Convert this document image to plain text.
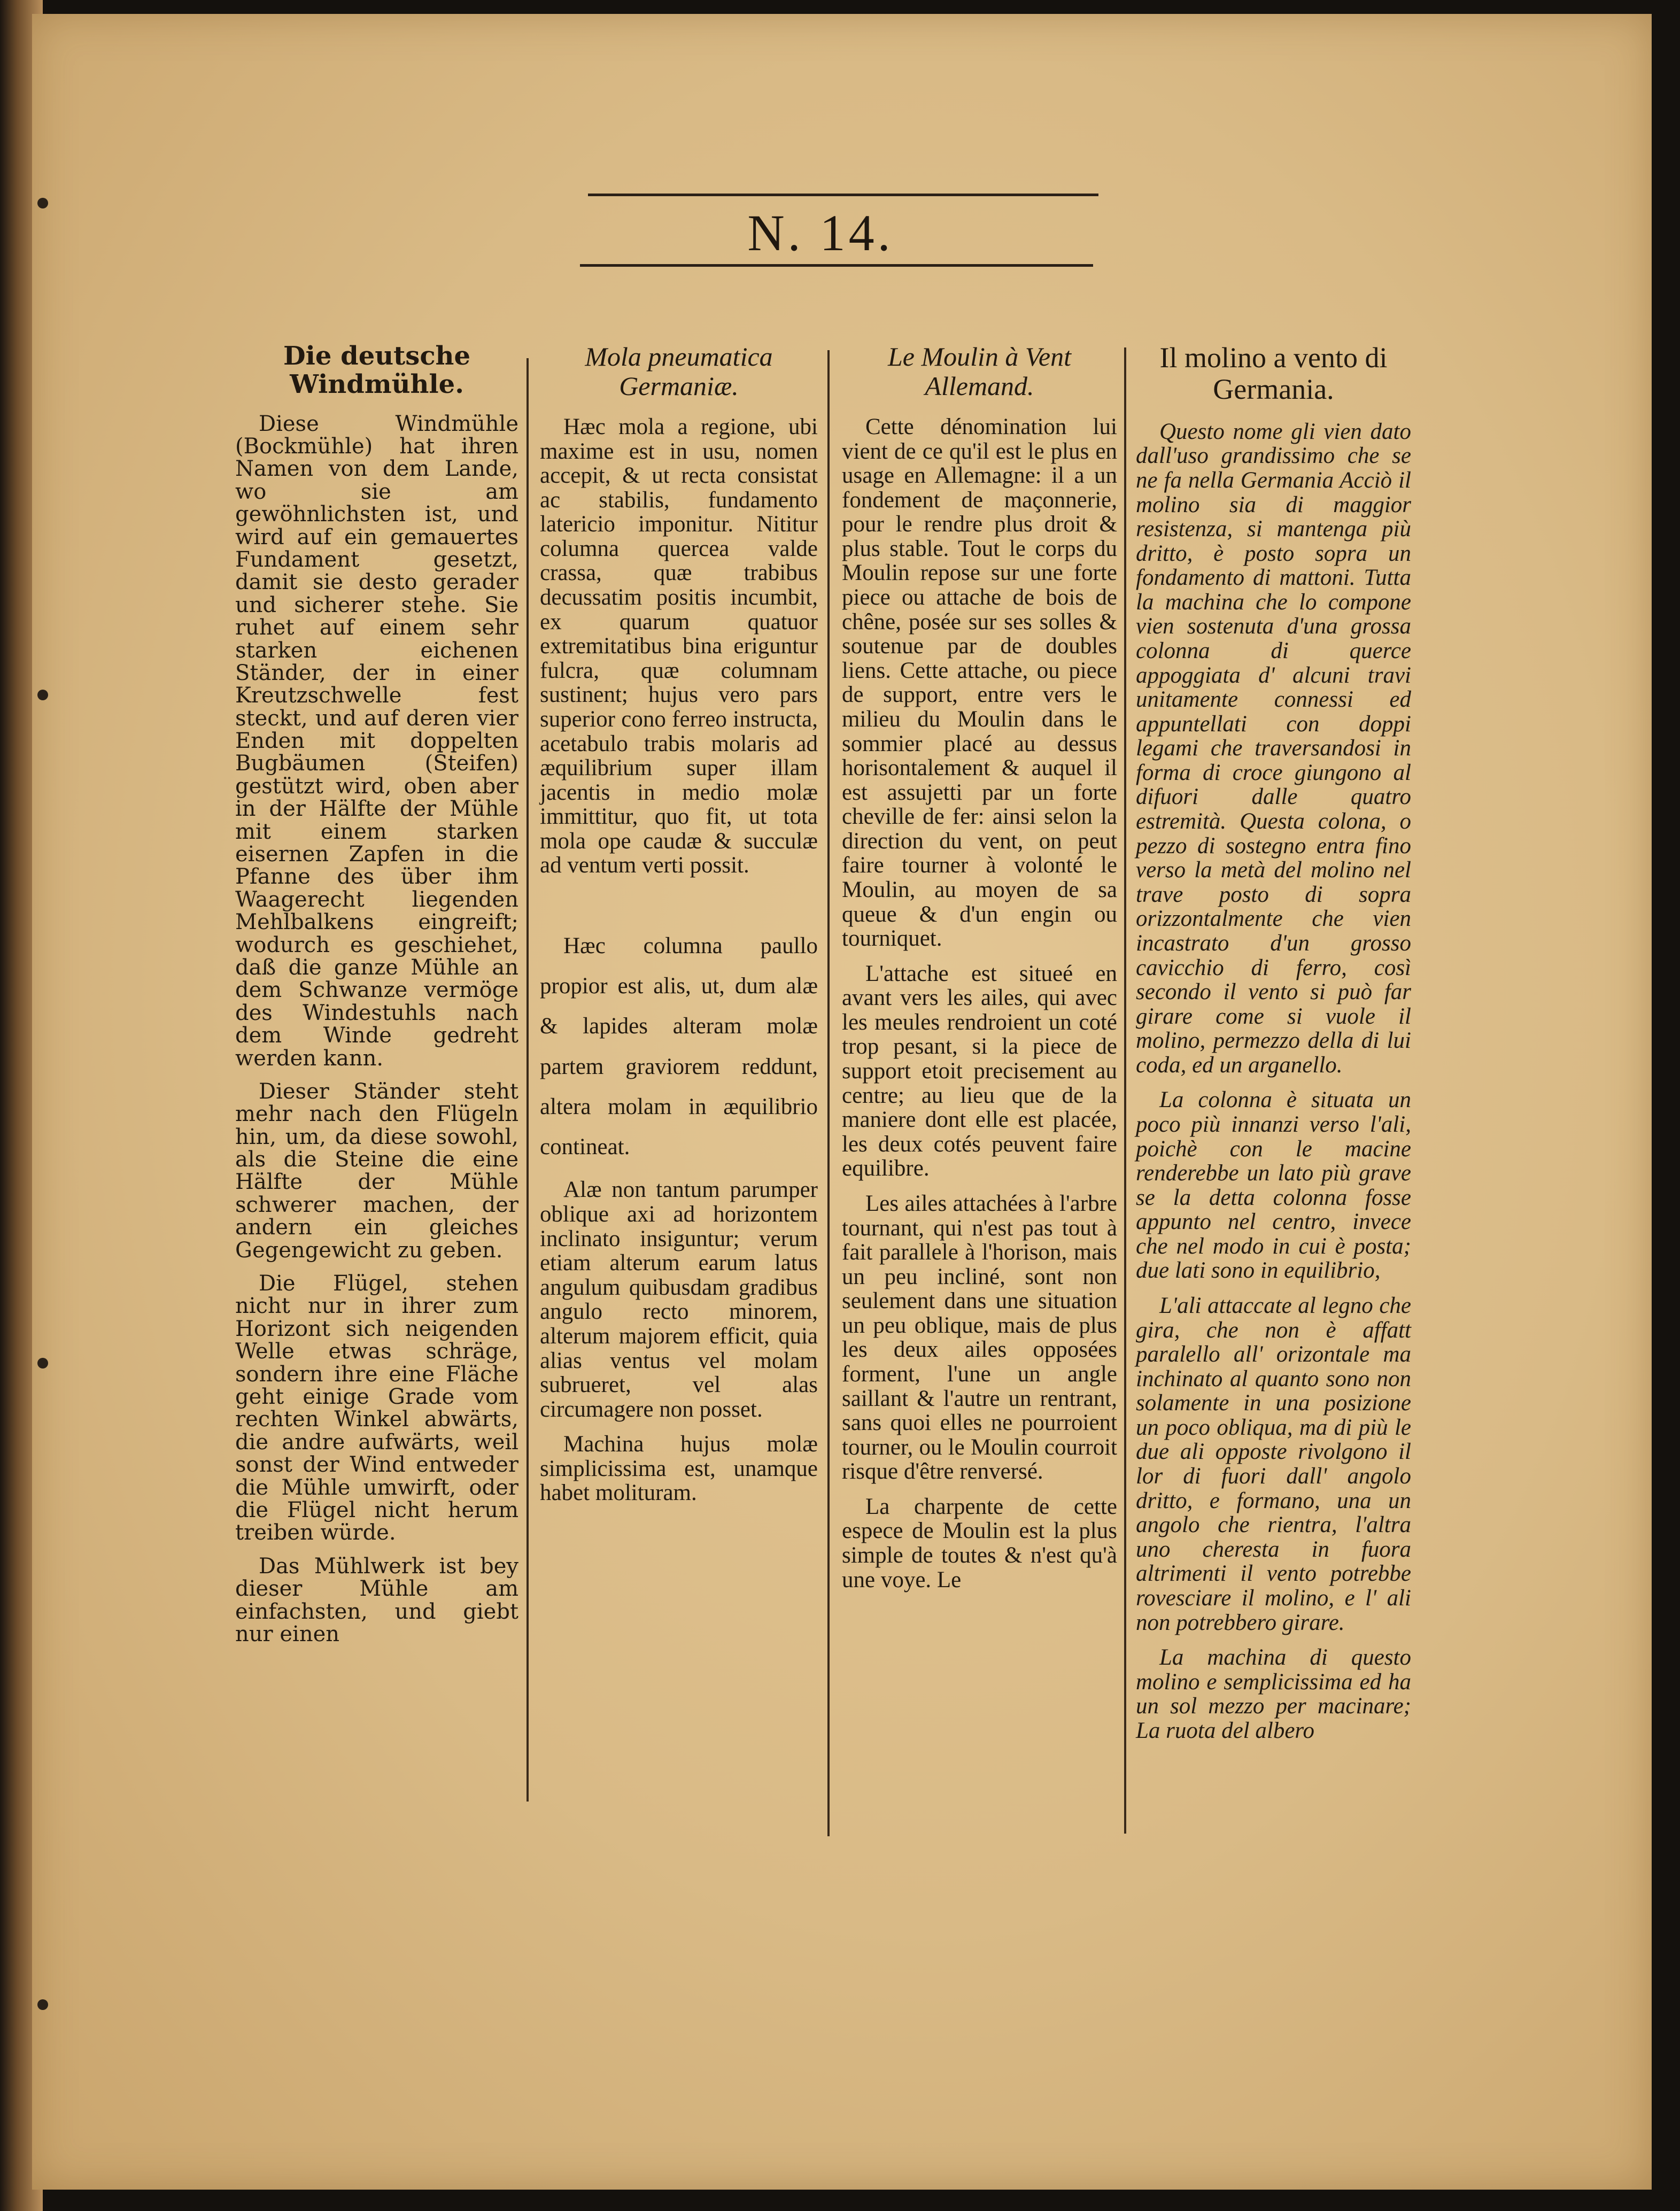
N. 14.
Die deutsche Windmühle.

Diese Windmühle (Bockmühle) hat ihren Namen von dem Lande, wo sie am gewöhnlichsten ist, und wird auf ein gemauertes Fundament gesetzt, damit sie desto gerader und sicherer stehe. Sie ruhet auf einem sehr starken eichenen Ständer, der in einer Kreutzschwelle fest steckt, und auf deren vier Enden mit doppelten Bugbäumen (Steifen) gestützt wird, oben aber in der Hälfte der Mühle mit einem starken eisernen Zapfen in die Pfanne des über ihm Waagerecht liegenden Mehlbalkens eingreift; wodurch es geschiehet, daß die ganze Mühle an dem Schwanze vermöge des Windestuhls nach dem Winde gedreht werden kann.

Dieser Ständer steht mehr nach den Flügeln hin, um, da diese sowohl, als die Steine die eine Hälfte der Mühle schwerer machen, der andern ein gleiches Gegengewicht zu geben.

Die Flügel, stehen nicht nur in ihrer zum Horizont sich neigenden Welle etwas schräge, sondern ihre eine Fläche geht einige Grade vom rechten Winkel abwärts, die andre aufwärts, weil sonst der Wind entweder die Mühle umwirft, oder die Flügel nicht herum treiben würde.

Das Mühlwerk ist bey dieser Mühle am einfachsten, und giebt nur einen

Mola pneumatica Germaniæ.

Hæc mola a regione, ubi maxime est in usu, nomen accepit, & ut recta consistat ac stabilis, fundamento latericio imponitur. Nititur columna quercea valde crassa, quæ trabibus decussatim positis incumbit, ex quarum quatuor extremitatibus bina eriguntur fulcra, quæ columnam sustinent; hujus vero pars superior cono ferreo instructa, acetabulo trabis molaris ad æquilibrium super illam jacentis in medio molæ immittitur, quo fit, ut tota mola ope caudæ & succulæ ad ventum verti possit.

Hæc columna paullo propior est alis, ut, dum alæ & lapides alteram molæ partem graviorem reddunt, altera molam in æquilibrio contineat.

Alæ non tantum parumper oblique axi ad horizontem inclinato insiguntur; verum etiam alterum earum latus angulum quibusdam gradibus angulo recto minorem, alterum majorem efficit, quia alias ventus vel molam subrueret, vel alas circumagere non posset.

Machina hujus molæ simplicissima est, unamque habet molituram.

Le Moulin à Vent Allemand.

Cette dénomination lui vient de ce qu'il est le plus en usage en Allemagne: il a un fondement de maçonnerie, pour le rendre plus droit & plus stable. Tout le corps du Moulin repose sur une forte piece ou attache de bois de chêne, posée sur ses solles & soutenue par de doubles liens. Cette attache, ou piece de support, entre vers le milieu du Moulin dans le sommier placé au dessus horisontalement & auquel il est assujetti par un forte cheville de fer: ainsi selon la direction du vent, on peut faire tourner à volonté le Moulin, au moyen de sa queue & d'un engin ou tourniquet.

L'attache est situeé en avant vers les ailes, qui avec les meules rendroient un coté trop pesant, si la piece de support etoit precisement au centre; au lieu que de la maniere dont elle est placée, les deux cotés peuvent faire equilibre.

Les ailes attachées à l'arbre tournant, qui n'est pas tout à fait parallele à l'horison, mais un peu incliné, sont non seulement dans une situation un peu oblique, mais de plus les deux ailes opposées forment, l'une un angle saillant & l'autre un rentrant, sans quoi elles ne pourroient tourner, ou le Moulin courroit risque d'être renversé.

La charpente de cette espece de Moulin est la plus simple de toutes & n'est qu'à une voye. Le

Il molino a vento di Germania.

Questo nome gli vien dato dall'uso grandissimo che se ne fa nella Germania Acciò il molino sia di maggior resistenza, si mantenga più dritto, è posto sopra un fondamento di mattoni. Tutta la machina che lo compone vien sostenuta d'una grossa colonna di querce appoggiata d' alcuni travi unitamente connessi ed appuntellati con doppi legami che traversandosi in forma di croce giungono al difuori dalle quatro estremità. Questa colona, o pezzo di sostegno entra fino verso la metà del molino nel trave posto di sopra orizzontalmente che vien incastrato d'un grosso cavicchio di ferro, così secondo il vento si può far girare come si vuole il molino, permezzo della di lui coda, ed un arganello.

La colonna è situata un poco più innanzi verso l'ali, poichè con le macine renderebbe un lato più grave se la detta colonna fosse appunto nel centro, invece che nel modo in cui è posta; due lati sono in equilibrio,

L'ali attaccate al legno che gira, che non è affatt paralello all' orizontale ma inchinato al quanto sono non solamente in una posizione un poco obliqua, ma di più le due ali oppostе rivolgono il lor di fuori dall' angolo dritto, e formano, una un angolo che rientra, l'altra uno cheresta in fuora altrimenti il vento potrebbe rovesciare il molino, e l' ali non potrebbero girare.

La machina di questo molino e semplicissima ed ha un sol mezzo per macinare; La ruota del albero
